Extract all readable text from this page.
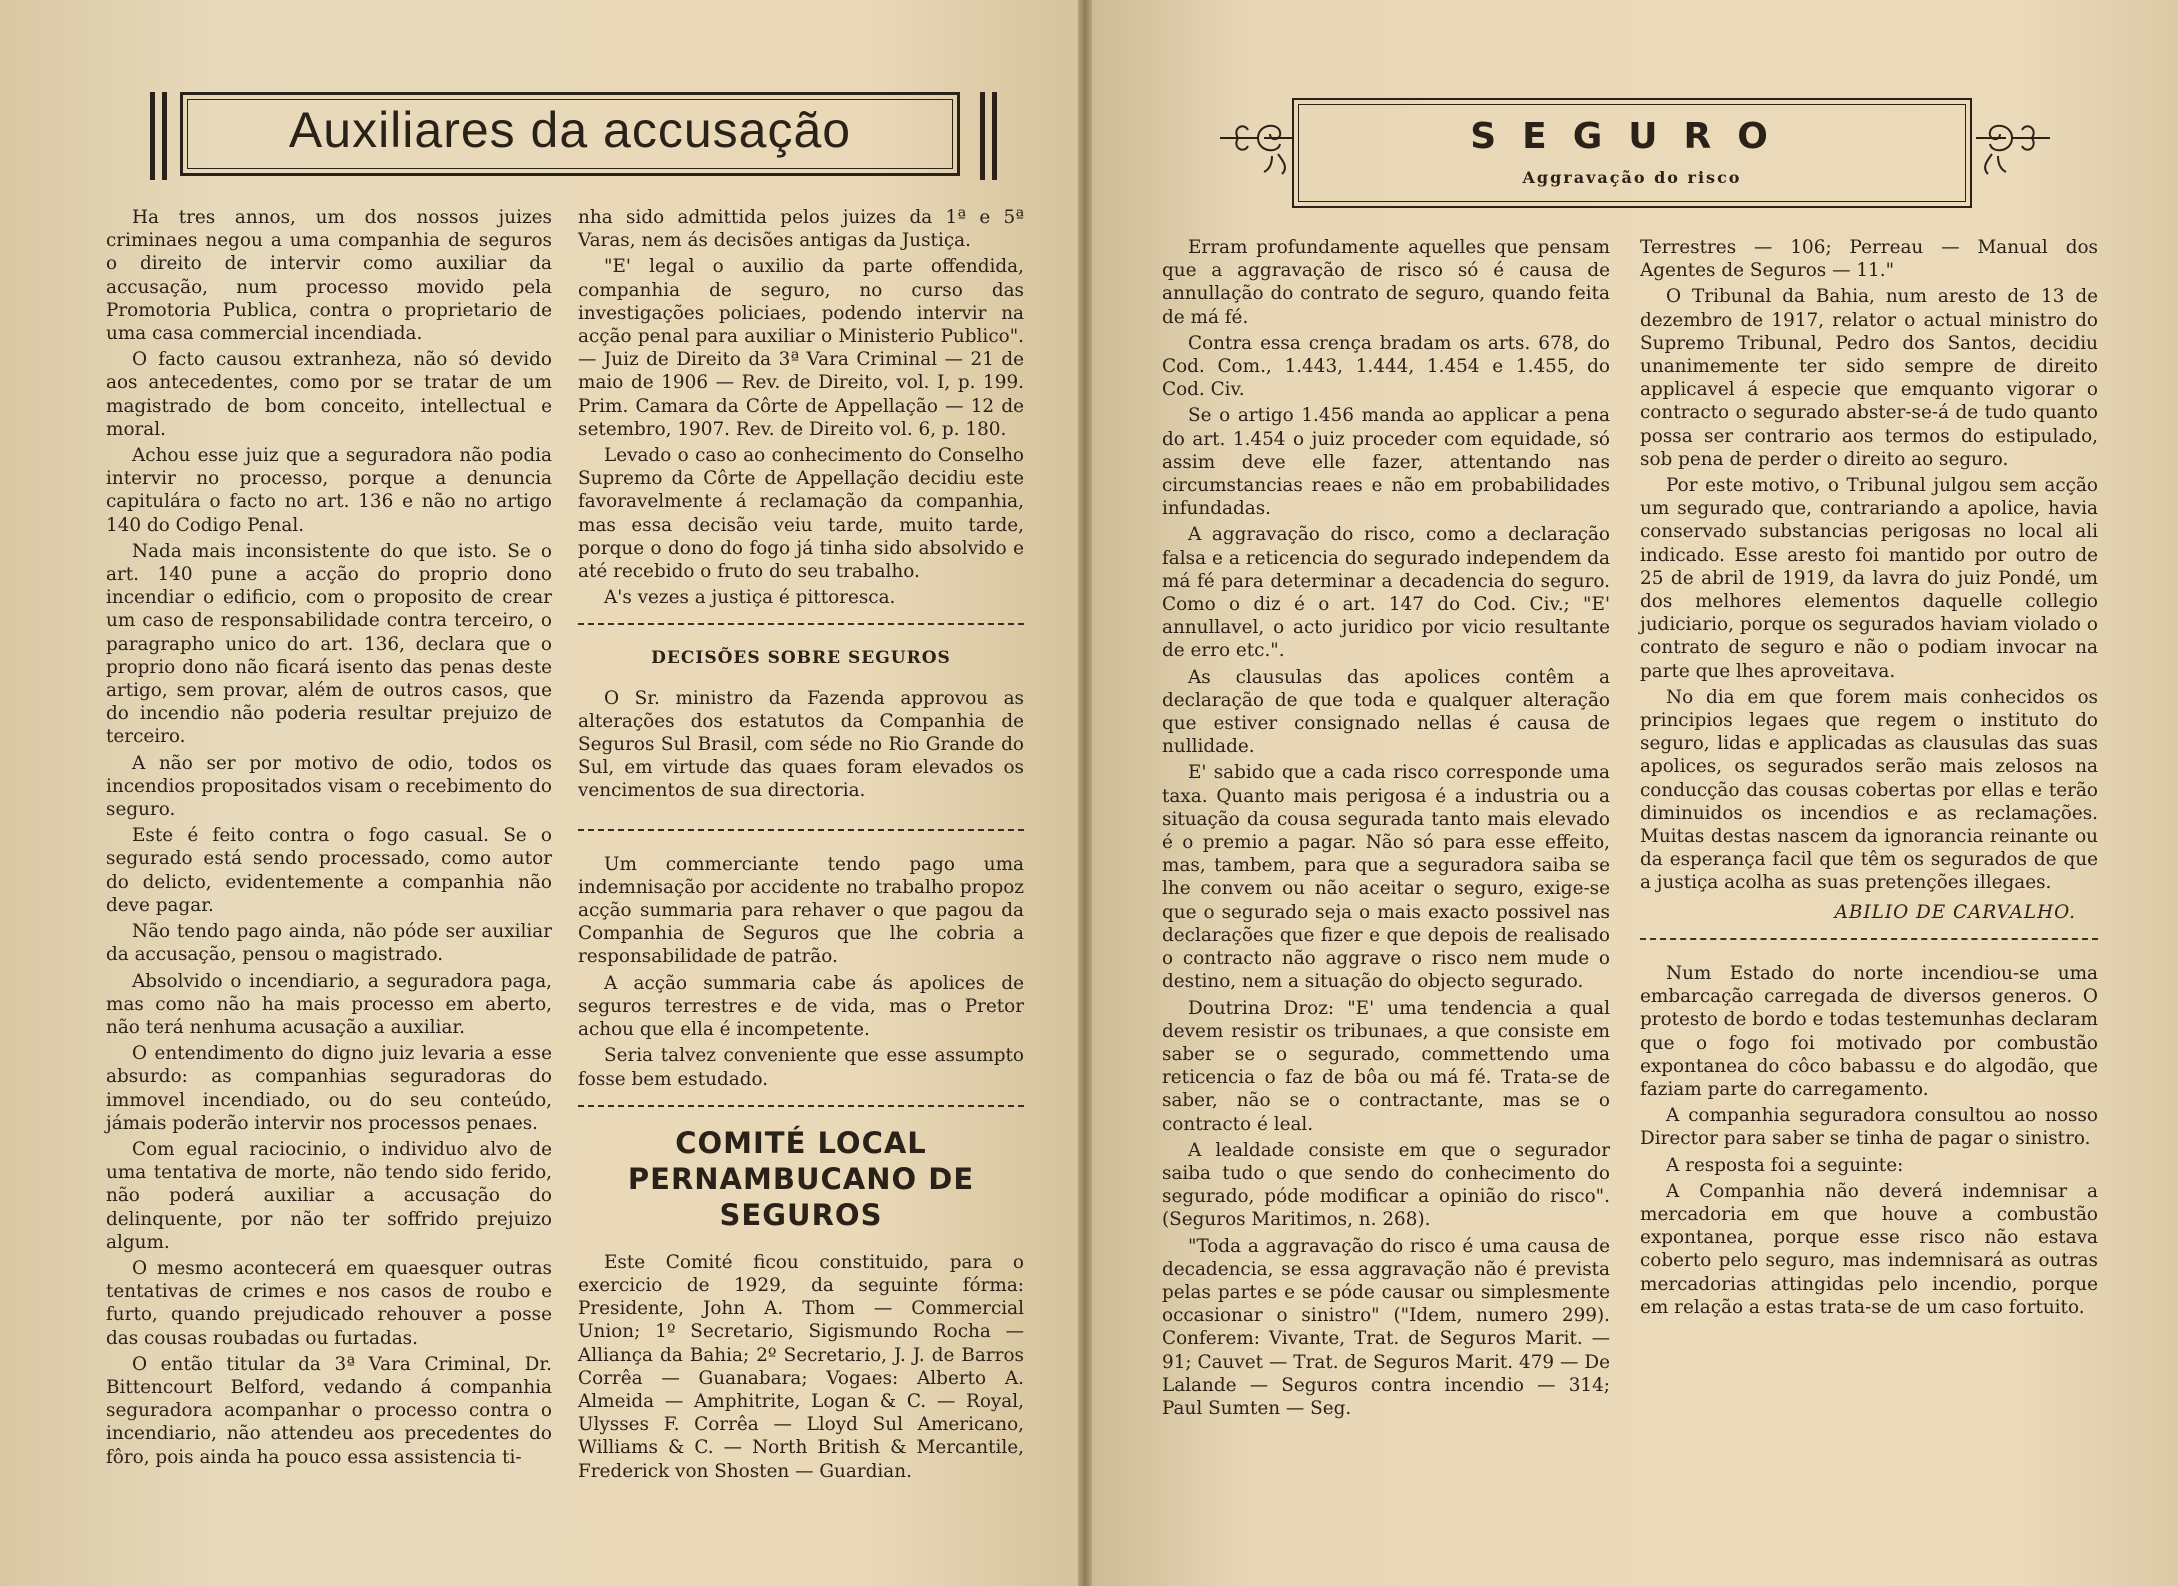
Auxiliares da accusação

Ha tres annos, um dos nossos juizes criminaes negou a uma companhia de seguros o direito de intervir como auxiliar da accusação, num processo movido pela Promotoria Publica, contra o proprietario de uma casa commercial incendiada.

O facto causou extranheza, não só devido aos antecedentes, como por se tratar de um magistrado de bom conceito, intellectual e moral.

Achou esse juiz que a seguradora não podia intervir no processo, porque a denuncia capitulára o facto no art. 136 e não no artigo 140 do Codigo Penal.

Nada mais inconsistente do que isto. Se o art. 140 pune a acção do proprio dono incendiar o edificio, com o proposito de crear um caso de responsabilidade contra terceiro, o paragrapho unico do art. 136, declara que o proprio dono não ficará isento das penas deste artigo, sem provar, além de outros casos, que do incendio não poderia resultar prejuizo de terceiro.

A não ser por motivo de odio, todos os incendios propositados visam o recebimento do seguro.

Este é feito contra o fogo casual. Se o segurado está sendo processado, como autor do delicto, evidentemente a companhia não deve pagar.

Não tendo pago ainda, não póde ser auxiliar da accusação, pensou o magistrado.

Absolvido o incendiario, a seguradora paga, mas como não ha mais processo em aberto, não terá nenhuma acusação a auxiliar.

O entendimento do digno juiz levaria a esse absurdo: as companhias seguradoras do immovel incendiado, ou do seu conteúdo, jámais poderão intervir nos processos penaes.

Com egual raciocinio, o individuo alvo de uma tentativa de morte, não tendo sido ferido, não poderá auxiliar a accusação do delinquente, por não ter soffrido prejuizo algum.

O mesmo acontecerá em quaesquer outras tentativas de crimes e nos casos de roubo e furto, quando prejudicado rehouver a posse das cousas roubadas ou furtadas.

O então titular da 3ª Vara Criminal, Dr. Bittencourt Belford, vedando á companhia seguradora acompanhar o processo contra o incendiario, não attendeu aos precedentes do fôro, pois ainda ha pouco essa assistencia ti-

nha sido admittida pelos juizes da 1ª e 5ª Varas, nem ás decisões antigas da Justiça.

"E' legal o auxilio da parte offendida, companhia de seguro, no curso das investigações policiaes, podendo intervir na acção penal para auxiliar o Ministerio Publico". — Juiz de Direito da 3ª Vara Criminal — 21 de maio de 1906 — Rev. de Direito, vol. I, p. 199. Prim. Camara da Côrte de Appellação — 12 de setembro, 1907. Rev. de Direito vol. 6, p. 180.

Levado o caso ao conhecimento do Conselho Supremo da Côrte de Appellação decidiu este favoravelmente á reclamação da companhia, mas essa decisão veiu tarde, muito tarde, porque o dono do fogo já tinha sido absolvido e até recebido o fruto do seu trabalho.

A's vezes a justiça é pittoresca.

DECISÕES SOBRE SEGUROS

O Sr. ministro da Fazenda approvou as alterações dos estatutos da Companhia de Seguros Sul Brasil, com séde no Rio Grande do Sul, em virtude das quaes foram elevados os vencimentos de sua directoria.

Um commerciante tendo pago uma indemnisação por accidente no trabalho propoz acção summaria para rehaver o que pagou da Companhia de Seguros que lhe cobria a responsabilidade de patrão.

A acção summaria cabe ás apolices de seguros terrestres e de vida, mas o Pretor achou que ella é incompetente.

Seria talvez conveniente que esse assumpto fosse bem estudado.

COMITÉ LOCAL PERNAMBUCANO DE SEGUROS

Este Comité ficou constituido, para o exercicio de 1929, da seguinte fórma: Presidente, John A. Thom — Commercial Union; 1º Secretario, Sigismundo Rocha — Alliança da Bahia; 2º Secretario, J. J. de Barros Corrêa — Guanabara; Vogaes: Alberto A. Almeida — Amphitrite, Logan & C. — Royal, Ulysses F. Corrêa — Lloyd Sul Americano, Williams & C. — North British & Mercantile, Frederick von Shosten — Guardian.

SEGURO
Aggravação do risco

Erram profundamente aquelles que pensam que a aggravação de risco só é causa de annullação do contrato de seguro, quando feita de má fé.

Contra essa crença bradam os arts. 678, do Cod. Com., 1.443, 1.444, 1.454 e 1.455, do Cod. Civ.

Se o artigo 1.456 manda ao applicar a pena do art. 1.454 o juiz proceder com equidade, só assim deve elle fazer, attentando nas circumstancias reaes e não em probabilidades infundadas.

A aggravação do risco, como a declaração falsa e a reticencia do segurado independem da má fé para determinar a decadencia do seguro. Como o diz é o art. 147 do Cod. Civ.; "E' annullavel, o acto juridico por vicio resultante de erro etc.".

As clausulas das apolices contêm a declaração de que toda e qualquer alteração que estiver consignado nellas é causa de nullidade.

E' sabido que a cada risco corresponde uma taxa. Quanto mais perigosa é a industria ou a situação da cousa segurada tanto mais elevado é o premio a pagar. Não só para esse effeito, mas, tambem, para que a seguradora saiba se lhe convem ou não aceitar o seguro, exige-se que o segurado seja o mais exacto possivel nas declarações que fizer e que depois de realisado o contracto não aggrave o risco nem mude o destino, nem a situação do objecto segurado.

Doutrina Droz: "E' uma tendencia a qual devem resistir os tribunaes, a que consiste em saber se o segurado, commettendo uma reticencia o faz de bôa ou má fé. Trata-se de saber, não se o contractante, mas se o contracto é leal.

A lealdade consiste em que o segurador saiba tudo o que sendo do conhecimento do segurado, póde modificar a opinião do risco". (Seguros Maritimos, n. 268).

"Toda a aggravação do risco é uma causa de decadencia, se essa aggravação não é prevista pelas partes e se póde causar ou simplesmente occasionar o sinistro" ("Idem, numero 299). Conferem: Vivante, Trat. de Seguros Marit. — 91; Cauvet — Trat. de Seguros Marit. 479 — De Lalande — Seguros contra incendio — 314; Paul Sumten — Seg.

Terrestres — 106; Perreau — Manual dos Agentes de Seguros — 11."

O Tribunal da Bahia, num aresto de 13 de dezembro de 1917, relator o actual ministro do Supremo Tribunal, Pedro dos Santos, decidiu unanimemente ter sido sempre de direito applicavel á especie que emquanto vigorar o contracto o segurado abster-se-á de tudo quanto possa ser contrario aos termos do estipulado, sob pena de perder o direito ao seguro.

Por este motivo, o Tribunal julgou sem acção um segurado que, contrariando a apolice, havia conservado substancias perigosas no local ali indicado. Esse aresto foi mantido por outro de 25 de abril de 1919, da lavra do juiz Pondé, um dos melhores elementos daquelle collegio judiciario, porque os segurados haviam violado o contrato de seguro e não o podiam invocar na parte que lhes aproveitava.

No dia em que forem mais conhecidos os principios legaes que regem o instituto do seguro, lidas e applicadas as clausulas das suas apolices, os segurados serão mais zelosos na conducção das cousas cobertas por ellas e terão diminuidos os incendios e as reclamações. Muitas destas nascem da ignorancia reinante ou da esperança facil que têm os segurados de que a justiça acolha as suas pretenções illegaes.

ABILIO DE CARVALHO.

Num Estado do norte incendiou-se uma embarcação carregada de diversos generos. O protesto de bordo e todas testemunhas declaram que o fogo foi motivado por combustão expontanea do côco babassu e do algodão, que faziam parte do carregamento.

A companhia seguradora consultou ao nosso Director para saber se tinha de pagar o sinistro.

A resposta foi a seguinte:

A Companhia não deverá indemnisar a mercadoria em que houve a combustão expontanea, porque esse risco não estava coberto pelo seguro, mas indemnisará as outras mercadorias attingidas pelo incendio, porque em relação a estas trata-se de um caso fortuito.
